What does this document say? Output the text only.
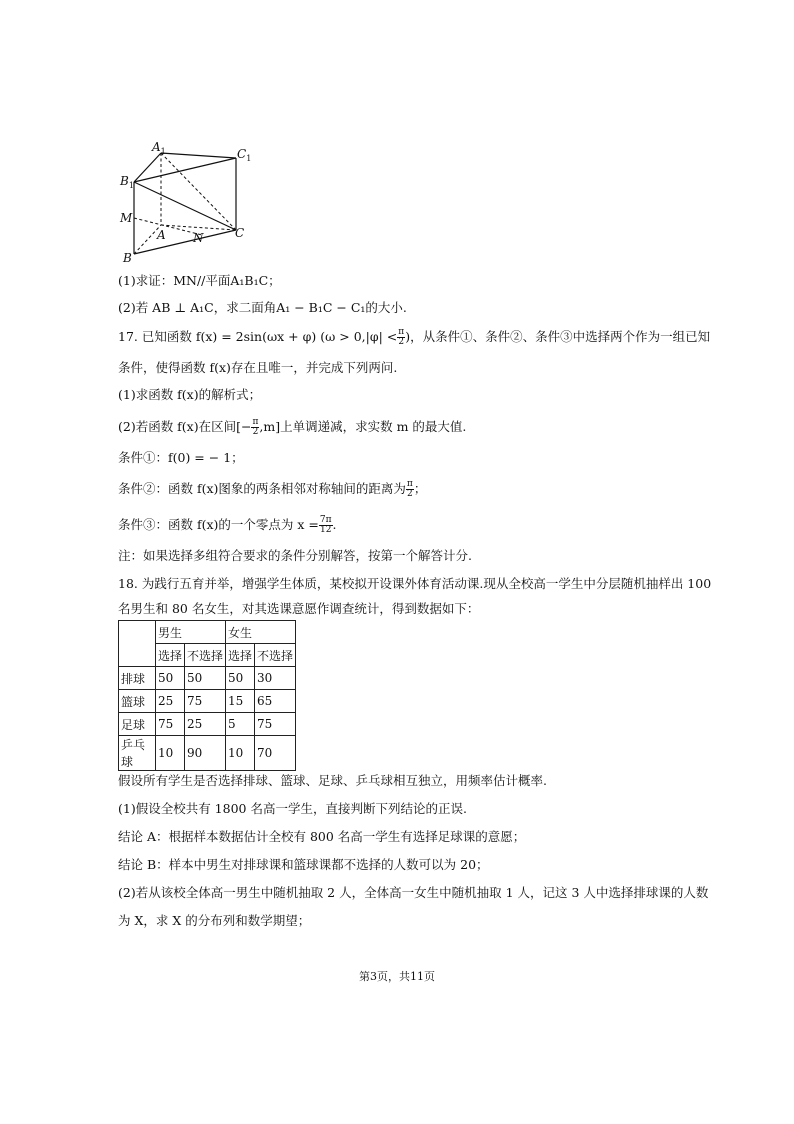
$A_1$	$C_1$
$B_1$
M
A N
B
C
(1)求证：MN//平面A₁B₁C；
(2)若 AB ⊥ A₁C，求二面角A₁ − B₁C − C₁的大小.
17. 已知函数 f(x) = 2sin(ωx + φ) ($\omega > 0,|\varphi| < \frac{\pi}{2}$ )，从条件①、条件②、条件③中选择两个作为一组已知
条件，使得函数 f(x)存在且唯一，并完成下列两问.
(1)求函数 f(x)的解析式；
(2)若函数 f(x)在区间[− $\frac{\pi}{2} ,m$]上单调递减，求实数 m 的最大值.
条件①：f(0) = − 1；
条件②：函数 f(x)图象的两条相邻对称轴间的距离为 $\frac{\pi}{2}$ ；
条件③：函数 f(x)的一个零点为 $x = \frac{7\pi}{12}$ .
注：如果选择多组符合要求的条件分别解答，按第一个解答计分.
18. 为践行五育并举，增强学生体质，某校拟开设课外体育活动课.现从全校高一学生中分层随机抽样出 100
名男生和 80 名女生，对其选课意愿作调查统计，得到数据如下：
	男生		女生	
	选择	不选择	选择	不选择
排球	50	50	50	30
篮球	25	75	15	65
足球	75	25	5	75
乒乓球	10	90	10	70
假设所有学生是否选择排球、篮球、足球、乒乓球相互独立，用频率估计概率.
(1)假设全校共有 1800 名高一学生，直接判断下列结论的正误.
结论 A：根据样本数据估计全校有 800 名高一学生有选择足球课的意愿；
结论 B：样本中男生对排球课和篮球课都不选择的人数可以为 20；
(2)若从该校全体高一男生中随机抽取 2 人，全体高一女生中随机抽取 1 人，记这 3 人中选择排球课的人数
为 X，求 X 的分布列和数学期望；
第3页，共11页
